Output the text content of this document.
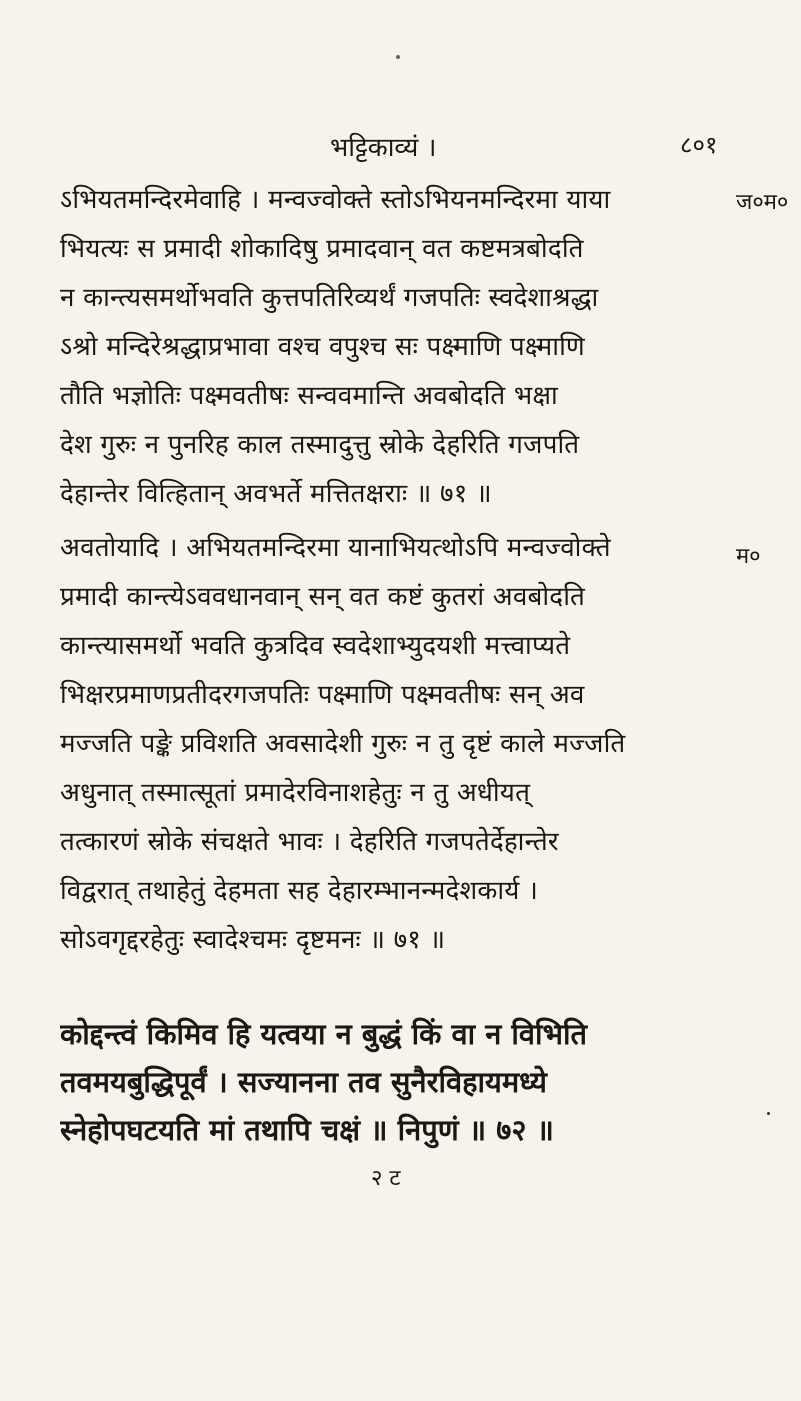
भट्टिकाव्यं ।	८०१
ऽभियतमन्दिरमेवाहि । मन्वज्वोक्ते स्तोऽभियनमन्दिरमा याया
भियत्यः स प्रमादी शोकादिषु प्रमादवान् वत कष्टमत्रबोदति
न कान्त्यसमर्थोभवति कुत्तपतिरिव्यर्थं गजपतिः स्वदेशाश्रद्धा
ऽश्रो मन्दिरेश्रद्धाप्रभावा वश्च वपुश्च सः पक्ष्माणि पक्ष्माणि
तौति भज्ञोतिः पक्ष्मवतीषः सन्ववमान्ति अवबोदति भक्षा
देश गुरुः न पुनरिह काल तस्मादुत्तु स्रोके देहरिति गजपति
देहान्तेर वित्हितान् अवभर्ते मत्तितक्षराः ॥ ७१ ॥
ज०म०
अवतोयादि । अभियतमन्दिरमा यानाभियत्थोऽपि मन्वज्वोक्ते
प्रमादी कान्त्येऽववधानवान् सन् वत कष्टं कुतरां अवबोदति
कान्त्यासमर्थो भवति कुत्रदिव स्वदेशाभ्युदयशी मत्त्वाप्यते
भिक्षरप्रमाणप्रतीदरगजपतिः पक्ष्माणि पक्ष्मवतीषः सन् अव
मज्जति पङ्के प्रविशति अवसादेशी गुरुः न तु दृष्टं काले मज्जति
अधुनात् तस्मात्सूतां प्रमादेरविनाशहेतुः न तु अधीयत्
तत्कारणं स्रोके संचक्षते भावः । देहरिति गजपतेर्देहान्तेर
विद्वरात् तथाहेतुं देहमता सह देहारम्भानन्मदेशकार्य ।
सोऽवगृद्दरहेतुः स्वादेश्चमः दृष्टमनः ॥ ७१ ॥
म०
कोद्दन्त्वं किमिव हि यत्वया न बुद्धं किं वा न विभिति
तवमयबुद्धिपूर्वं । सज्यानना तव सुनैरविहायमध्ये
स्नेहोपघटयति मां तथापि चक्षं ॥ निपुणं ॥ ७२ ॥
२ ट
